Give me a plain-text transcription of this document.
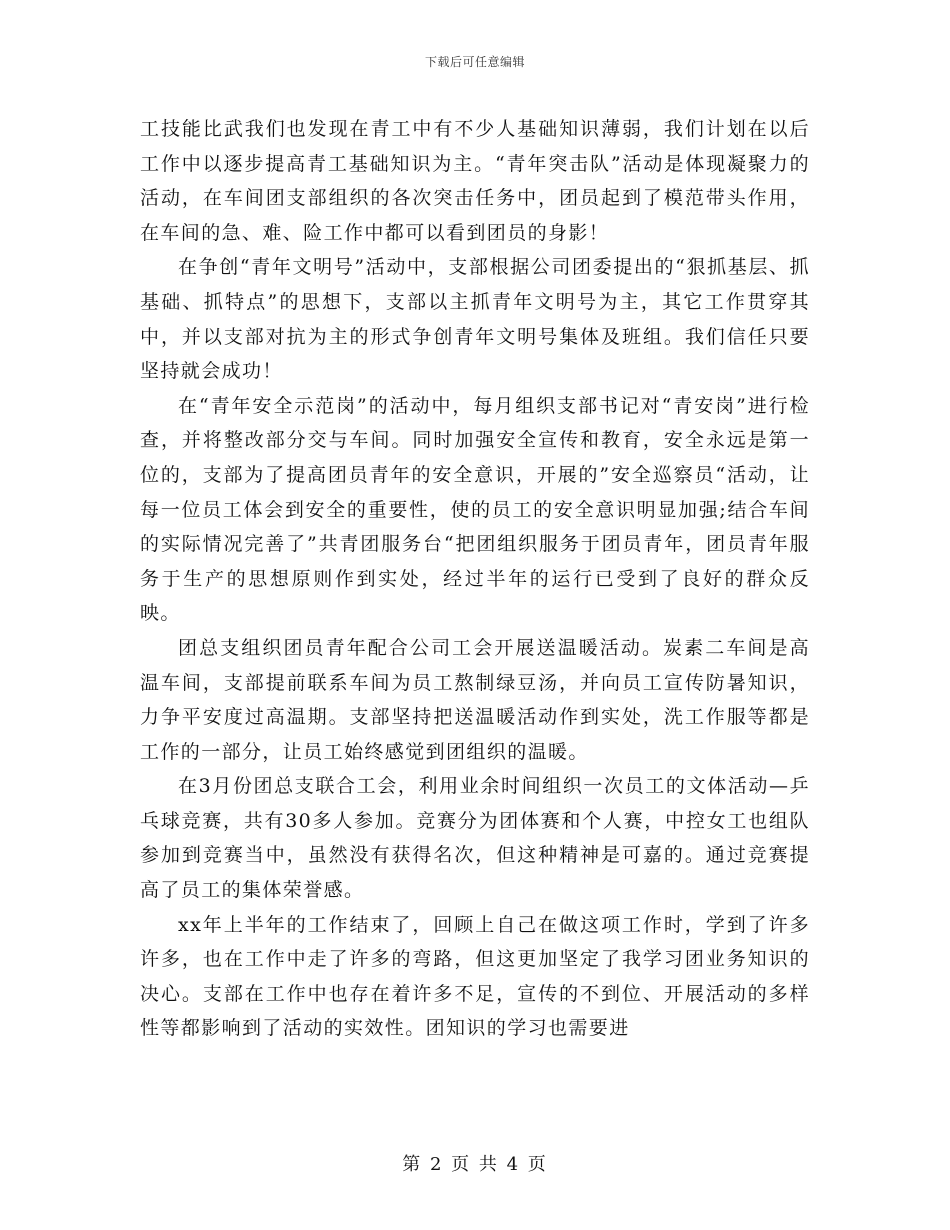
下载后可任意编辑

工技能比武我们也发现在青工中有不少人基础知识薄弱，我们计划在以后工作中以逐步提高青工基础知识为主。“青年突击队”活动是体现凝聚力的活动，在车间团支部组织的各次突击任务中，团员起到了模范带头作用，在车间的急、难、险工作中都可以看到团员的身影！

在争创“青年文明号”活动中，支部根据公司团委提出的“狠抓基层、抓基础、抓特点”的思想下，支部以主抓青年文明号为主，其它工作贯穿其中，并以支部对抗为主的形式争创青年文明号集体及班组。我们信任只要坚持就会成功！

在“青年安全示范岗”的活动中，每月组织支部书记对“青安岗”进行检查，并将整改部分交与车间。同时加强安全宣传和教育，安全永远是第一位的，支部为了提高团员青年的安全意识，开展的”安全巡察员“活动，让每一位员工体会到安全的重要性，使的员工的安全意识明显加强;结合车间的实际情况完善了”共青团服务台“把团组织服务于团员青年，团员青年服务于生产的思想原则作到实处，经过半年的运行已受到了良好的群众反映。

团总支组织团员青年配合公司工会开展送温暖活动。炭素二车间是高温车间，支部提前联系车间为员工熬制绿豆汤，并向员工宣传防暑知识，力争平安度过高温期。支部坚持把送温暖活动作到实处，洗工作服等都是工作的一部分，让员工始终感觉到团组织的温暖。

在3月份团总支联合工会，利用业余时间组织一次员工的文体活动—乒乓球竞赛，共有30多人参加。竞赛分为团体赛和个人赛，中控女工也组队参加到竞赛当中，虽然没有获得名次，但这种精神是可嘉的。通过竞赛提高了员工的集体荣誉感。

xx年上半年的工作结束了，回顾上自己在做这项工作时，学到了许多许多，也在工作中走了许多的弯路，但这更加坚定了我学习团业务知识的决心。支部在工作中也存在着许多不足，宣传的不到位、开展活动的多样性等都影响到了活动的实效性。团知识的学习也需要进

第 2 页 共 4 页
